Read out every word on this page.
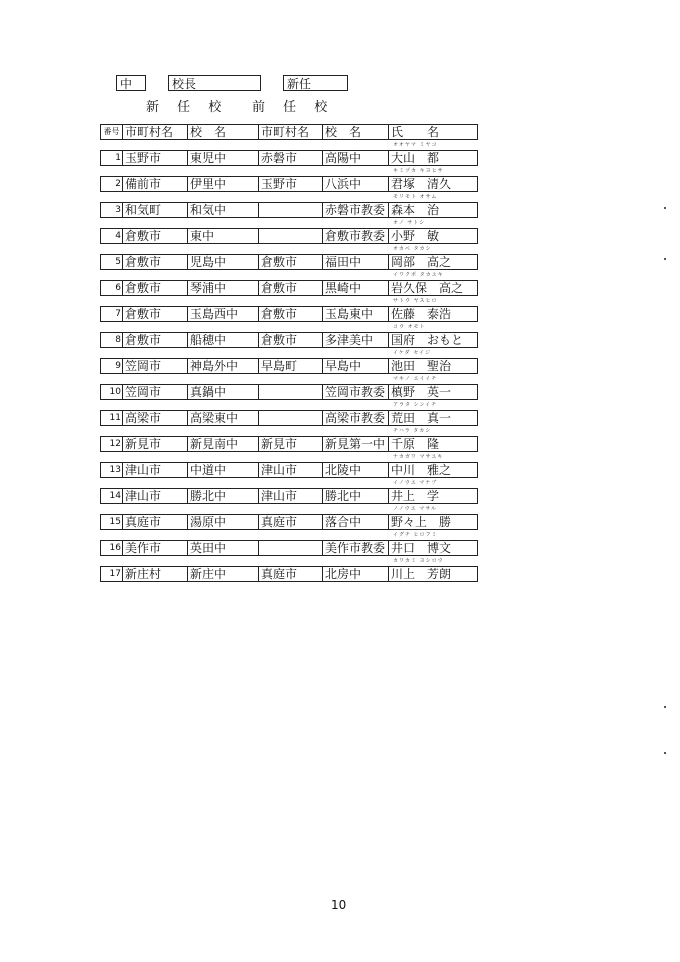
中	校長	新任
新 任 校 前 任 校
番号	市町村名	校　名	市町村名	校　名	氏　　名
1	玉野市	東児中	赤磐市	高陽中	オオヤマ ミヤコ
大山　都
2	備前市	伊里中	玉野市	八浜中	キミヅカ キヨヒサ
君塚　清久
3	和気町	和気中		赤磐市教委	モリモト オサム
森本　治
4	倉敷市	東中		倉敷市教委	オノ サトシ
小野　敏
5	倉敷市	児島中	倉敷市	福田中	オカベ タカシ
岡部　高之
6	倉敷市	琴浦中	倉敷市	黒崎中	イワクボ タカユキ
岩久保　高之
7	倉敷市	玉島西中	倉敷市	玉島東中	サトウ ヤスヒロ
佐藤　泰浩
8	倉敷市	船穂中	倉敷市	多津美中	コウ オモト
国府　おもと
9	笠岡市	神島外中	早島町	早島中	イケダ セイジ
池田　聖治
10	笠岡市	真鍋中		笠岡市教委	マキノ エイイチ
槙野　英一
11	高梁市	高梁東中		高梁市教委	アラタ シンイチ
荒田　真一
12	新見市	新見南中	新見市	新見第一中	チハラ タカシ
千原　隆
13	津山市	中道中	津山市	北陵中	ナカガワ マサユキ
中川　雅之
14	津山市	勝北中	津山市	勝北中	イノウエ マナブ
井上　学
15	真庭市	湯原中	真庭市	落合中	ノノウエ マサル
野々上　勝
16	美作市	英田中		美作市教委	イグチ ヒロフミ
井口　博文
17	新庄村	新庄中	真庭市	北房中	カワカミ ヨシロウ
川上　芳朗
10
